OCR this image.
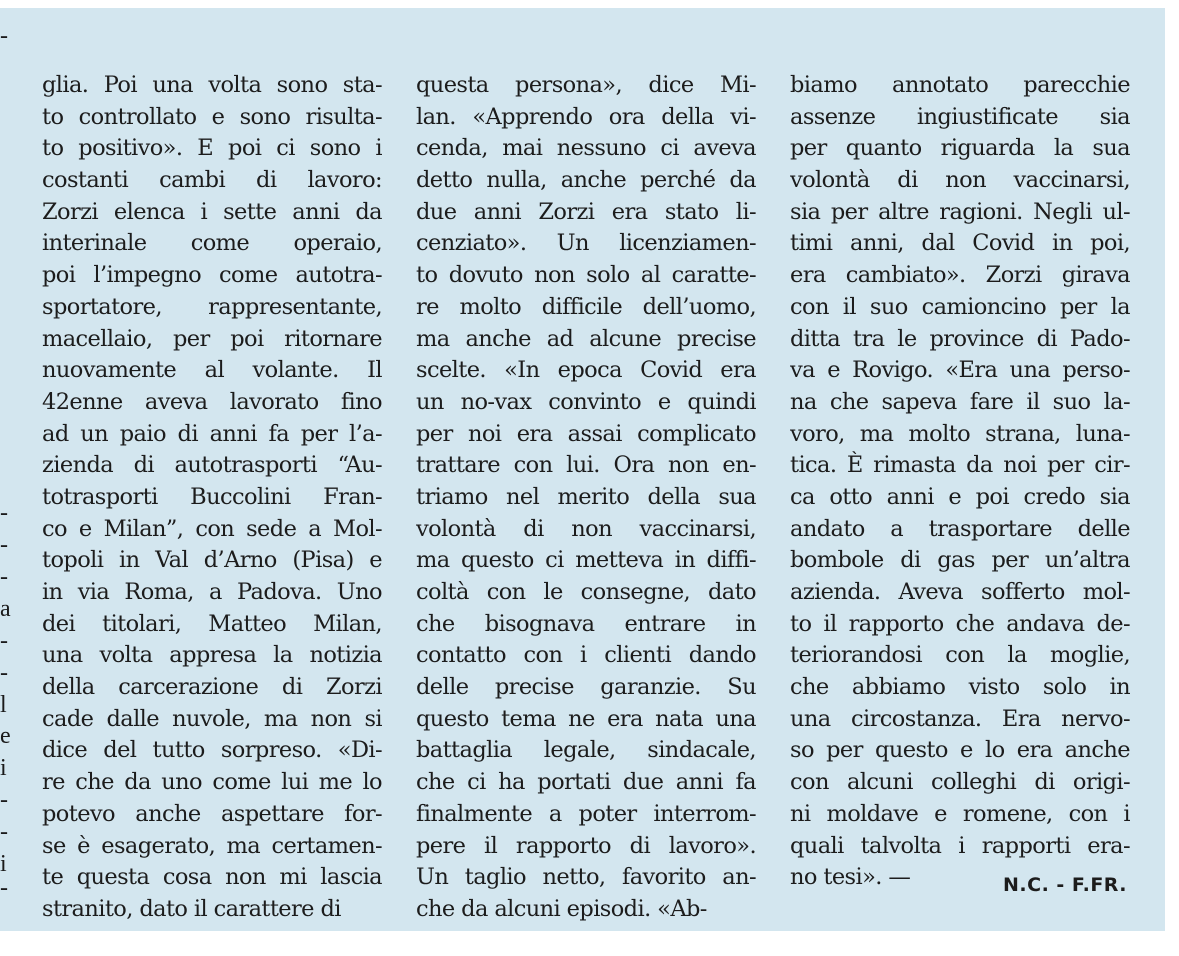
-
-
-
-
a
-
-
l
e
i
-
-
i
-
glia. Poi una volta sono sta-
to controllato e sono risulta-
to positivo». E poi ci sono i
costanti cambi di lavoro:
Zorzi elenca i sette anni da
interinale come operaio,
poi l’impegno come autotra-
sportatore, rappresentante,
macellaio, per poi ritornare
nuovamente al volante. Il
42enne aveva lavorato fino
ad un paio di anni fa per l’a-
zienda di autotrasporti “Au-
totrasporti Buccolini Fran-
co e Milan”, con sede a Mol-
topoli in Val d’Arno (Pisa) e
in via Roma, a Padova. Uno
dei titolari, Matteo Milan,
una volta appresa la notizia
della carcerazione di Zorzi
cade dalle nuvole, ma non si
dice del tutto sorpreso. «Di-
re che da uno come lui me lo
potevo anche aspettare for-
se è esagerato, ma certamen-
te questa cosa non mi lascia
stranito, dato il carattere di
questa persona», dice Mi-
lan. «Apprendo ora della vi-
cenda, mai nessuno ci aveva
detto nulla, anche perché da
due anni Zorzi era stato li-
cenziato». Un licenziamen-
to dovuto non solo al caratte-
re molto difficile dell’uomo,
ma anche ad alcune precise
scelte. «In epoca Covid era
un no-vax convinto e quindi
per noi era assai complicato
trattare con lui. Ora non en-
triamo nel merito della sua
volontà di non vaccinarsi,
ma questo ci metteva in diffi-
coltà con le consegne, dato
che bisognava entrare in
contatto con i clienti dando
delle precise garanzie. Su
questo tema ne era nata una
battaglia legale, sindacale,
che ci ha portati due anni fa
finalmente a poter interrom-
pere il rapporto di lavoro».
Un taglio netto, favorito an-
che da alcuni episodi. «Ab-
biamo annotato parecchie
assenze ingiustificate sia
per quanto riguarda la sua
volontà di non vaccinarsi,
sia per altre ragioni. Negli ul-
timi anni, dal Covid in poi,
era cambiato». Zorzi girava
con il suo camioncino per la
ditta tra le province di Pado-
va e Rovigo. «Era una perso-
na che sapeva fare il suo la-
voro, ma molto strana, luna-
tica. È rimasta da noi per cir-
ca otto anni e poi credo sia
andato a trasportare delle
bombole di gas per un’altra
azienda. Aveva sofferto mol-
to il rapporto che andava de-
teriorandosi con la moglie,
che abbiamo visto solo in
una circostanza. Era nervo-
so per questo e lo era anche
con alcuni colleghi di origi-
ni moldave e romene, con i
quali talvolta i rapporti era-
no tesi». —	N.C. - F.FR.
